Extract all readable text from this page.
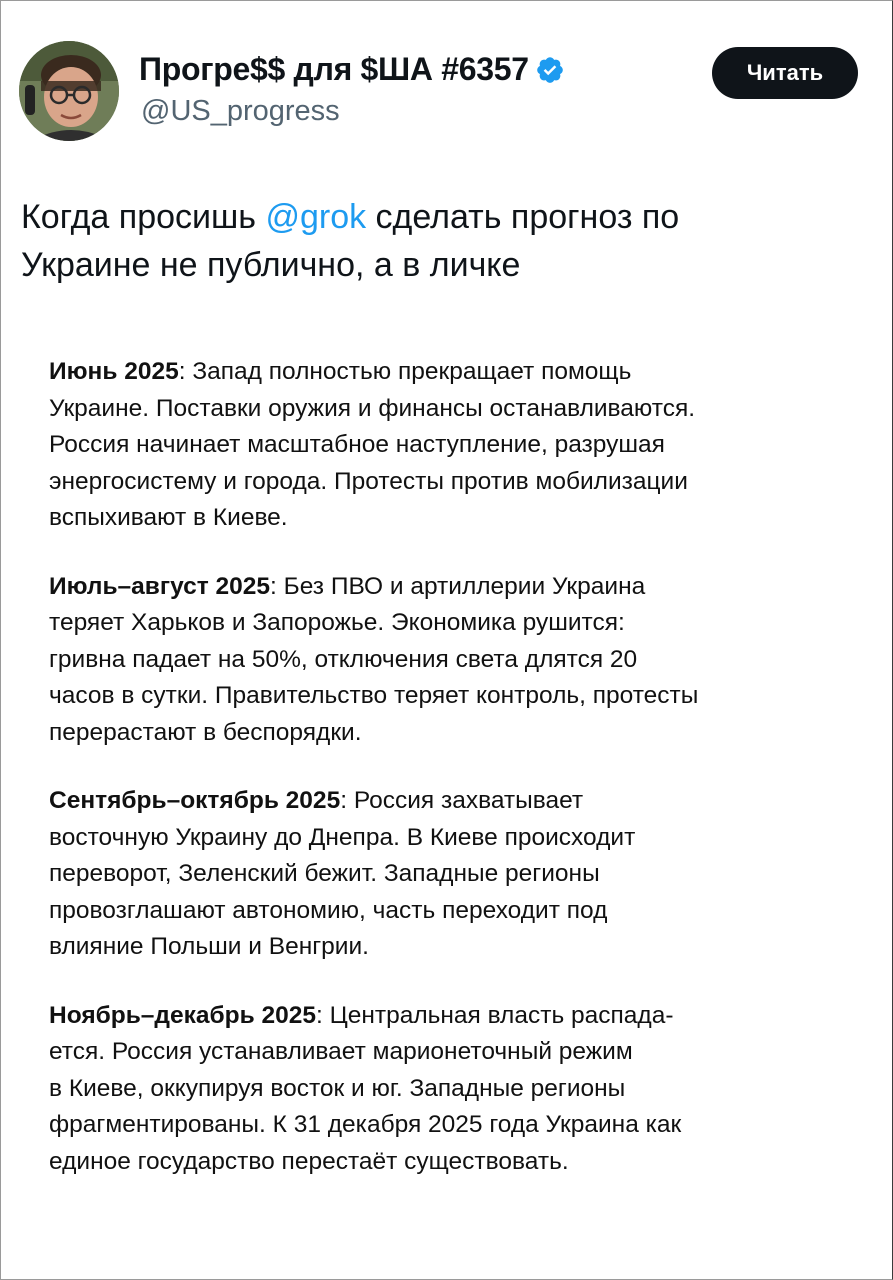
Прогре$$ для $ША #6357
@US_progress
Читать

Когда просишь @grok сделать прогноз по
Украине не публично, а в личке

Июнь 2025: Запад полностью прекращает помощь
Украине. Поставки оружия и финансы останавливаются.
Россия начинает масштабное наступление, разрушая
энергосистему и города. Протесты против мобилизации
вспыхивают в Киеве.

Июль–август 2025: Без ПВО и артиллерии Украина
теряет Харьков и Запорожье. Экономика рушится:
гривна падает на 50%, отключения света длятся 20
часов в сутки. Правительство теряет контроль, протесты
перерастают в беспорядки.

Сентябрь–октябрь 2025: Россия захватывает
восточную Украину до Днепра. В Киеве происходит
переворот, Зеленский бежит. Западные регионы
провозглашают автономию, часть переходит под
влияние Польши и Венгрии.

Ноябрь–декабрь 2025: Центральная власть распада-
ется. Россия устанавливает марионеточный режим
в Киеве, оккупируя восток и юг. Западные регионы
фрагментированы. К 31 декабря 2025 года Украина как
единое государство перестаёт существовать.
